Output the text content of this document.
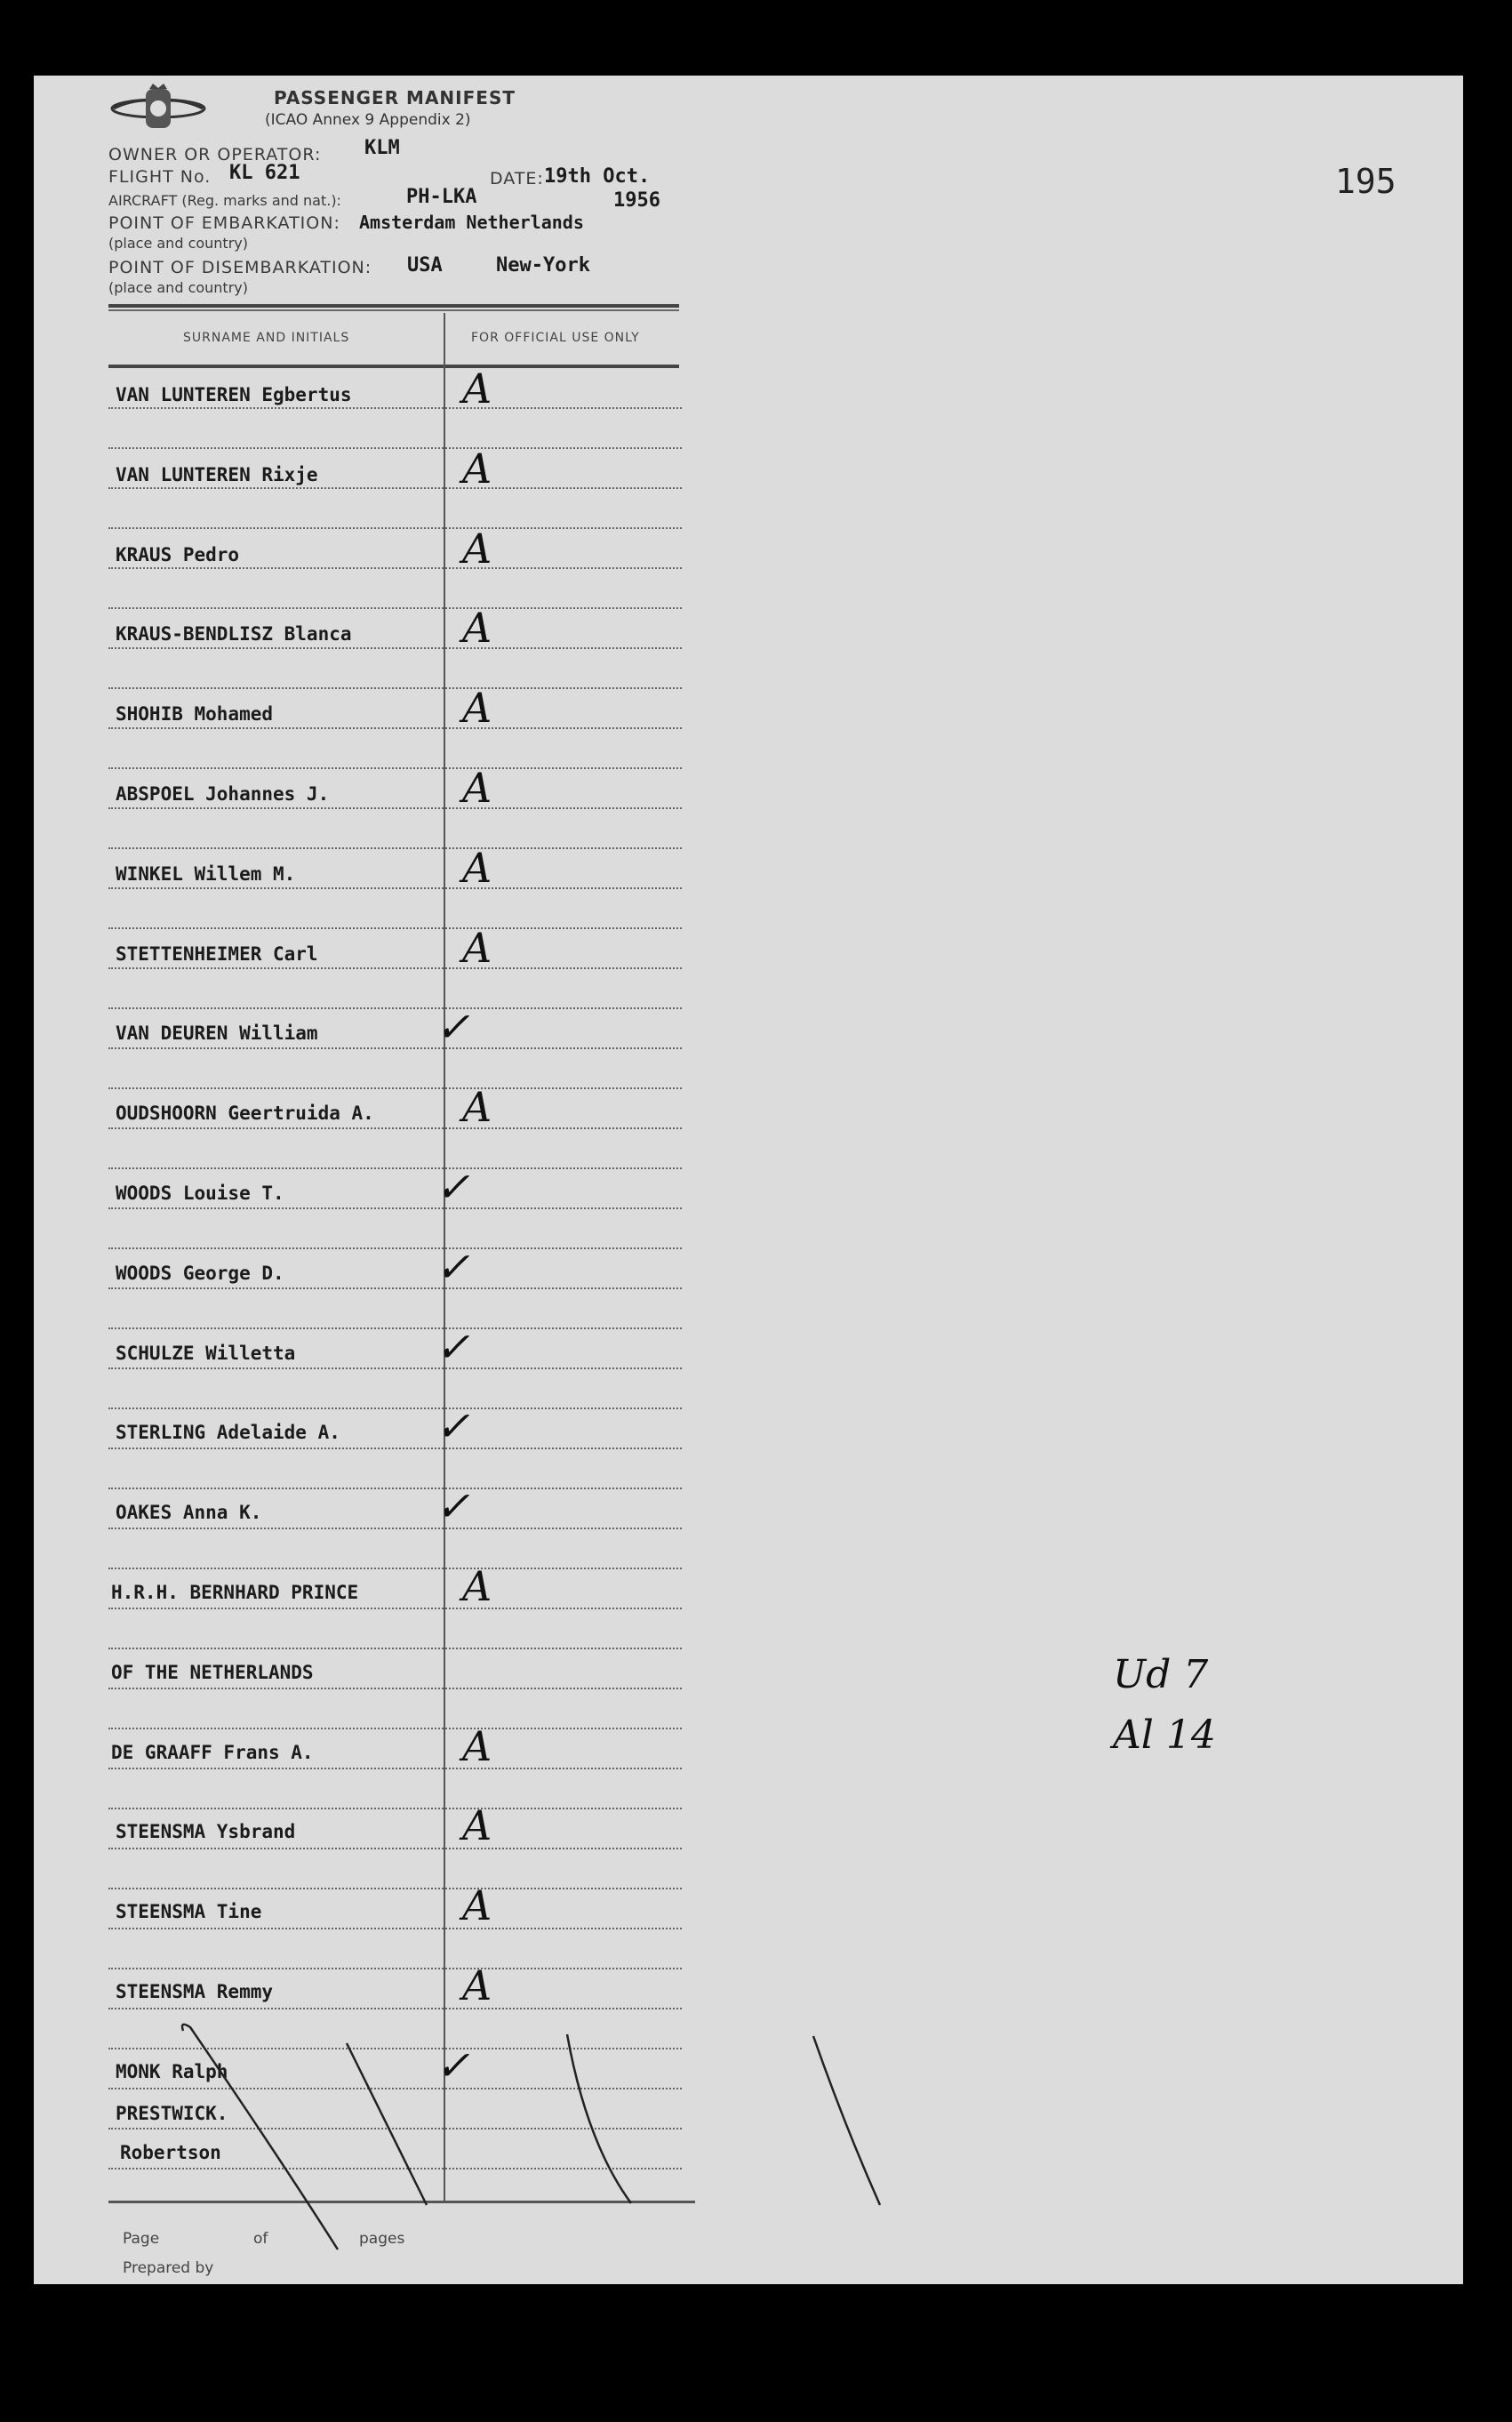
PASSENGER MANIFEST
(ICAO Annex 9 Appendix 2)
195
OWNER OR OPERATOR: KLM
FLIGHT No. KL 621	DATE: 19th Oct.
AIRCRAFT (Reg. marks and nat.):	PH-LKA	1956
POINT OF EMBARKATION: Amsterdam Netherlands
(place and country)
POINT OF DISEMBARKATION: USA	New-York
(place and country)
SURNAME AND INITIALS	FOR OFFICIAL USE ONLY
VAN LUNTEREN Egbertus	A
VAN LUNTEREN Rixje	A
KRAUS Pedro	A
KRAUS-BENDLISZ Blanca	A
SHOHIB Mohamed	A
ABSPOEL Johannes J.	A
WINKEL Willem M.	A
STETTENHEIMER Carl	A
VAN DEUREN William	✓
OUDSHOORN Geertruida A. A
WOODS Louise T.	✓
WOODS George D.	✓
SCHULZE Willetta	✓
STERLING Adelaide A. ✓
OAKES Anna K.	✓
H.R.H. BERNHARD PRINCE	A
OF THE NETHERLANDS
DE GRAAFF Frans A.	A
STEENSMA Ysbrand	A
STEENSMA Tine	A
STEENSMA Remmy	A
MONK Ralph	✓
PRESTWICK.
Robertson
Ud 7
Al 14
Page	of	pages
Prepared by
